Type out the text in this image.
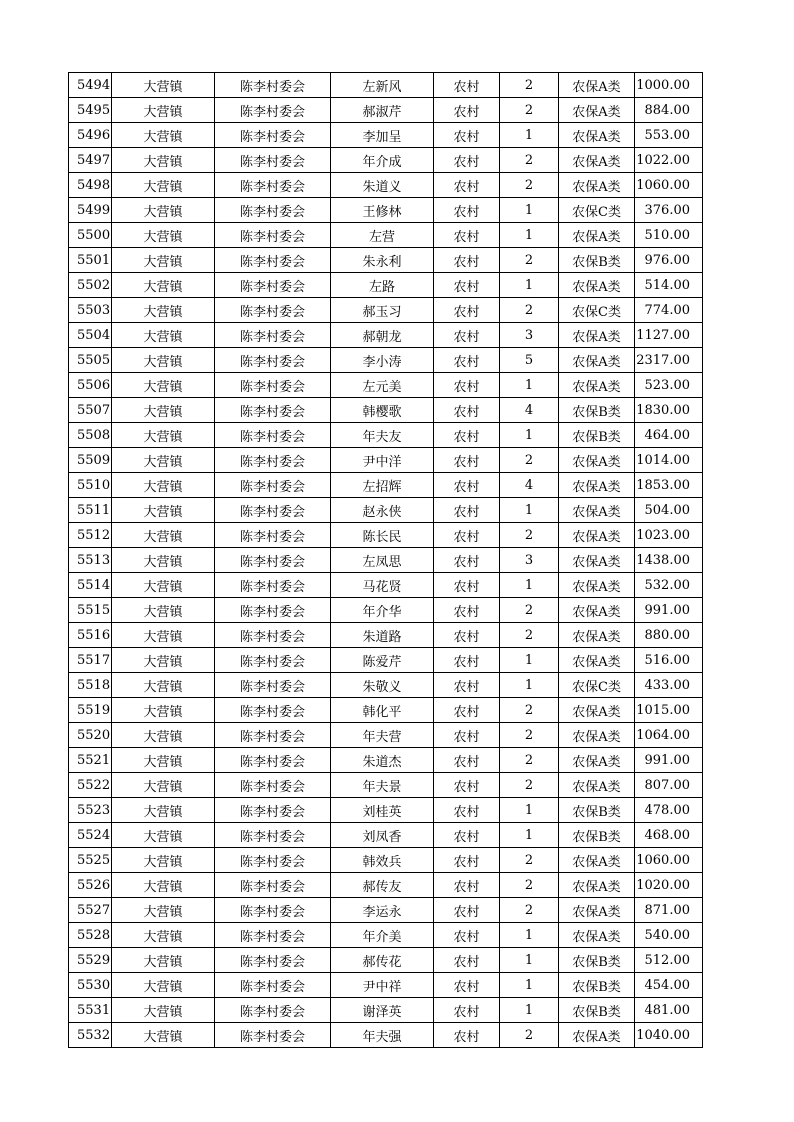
5494	大营镇	陈李村委会	左新风	农村	2	农保A类	1000.00
5495	大营镇	陈李村委会	郝淑芹	农村	2	农保A类	884.00
5496	大营镇	陈李村委会	李加呈	农村	1	农保A类	553.00
5497	大营镇	陈李村委会	年介成	农村	2	农保A类	1022.00
5498	大营镇	陈李村委会	朱道义	农村	2	农保A类	1060.00
5499	大营镇	陈李村委会	王修林	农村	1	农保C类	376.00
5500	大营镇	陈李村委会	左营	农村	1	农保A类	510.00
5501	大营镇	陈李村委会	朱永利	农村	2	农保B类	976.00
5502	大营镇	陈李村委会	左路	农村	1	农保A类	514.00
5503	大营镇	陈李村委会	郝玉习	农村	2	农保C类	774.00
5504	大营镇	陈李村委会	郝朝龙	农村	3	农保A类	1127.00
5505	大营镇	陈李村委会	李小涛	农村	5	农保A类	2317.00
5506	大营镇	陈李村委会	左元美	农村	1	农保A类	523.00
5507	大营镇	陈李村委会	韩樱歌	农村	4	农保B类	1830.00
5508	大营镇	陈李村委会	年夫友	农村	1	农保B类	464.00
5509	大营镇	陈李村委会	尹中洋	农村	2	农保A类	1014.00
5510	大营镇	陈李村委会	左招辉	农村	4	农保A类	1853.00
5511	大营镇	陈李村委会	赵永侠	农村	1	农保A类	504.00
5512	大营镇	陈李村委会	陈长民	农村	2	农保A类	1023.00
5513	大营镇	陈李村委会	左凤思	农村	3	农保A类	1438.00
5514	大营镇	陈李村委会	马花贤	农村	1	农保A类	532.00
5515	大营镇	陈李村委会	年介华	农村	2	农保A类	991.00
5516	大营镇	陈李村委会	朱道路	农村	2	农保A类	880.00
5517	大营镇	陈李村委会	陈爱芹	农村	1	农保A类	516.00
5518	大营镇	陈李村委会	朱敬义	农村	1	农保C类	433.00
5519	大营镇	陈李村委会	韩化平	农村	2	农保A类	1015.00
5520	大营镇	陈李村委会	年夫营	农村	2	农保A类	1064.00
5521	大营镇	陈李村委会	朱道杰	农村	2	农保A类	991.00
5522	大营镇	陈李村委会	年夫景	农村	2	农保A类	807.00
5523	大营镇	陈李村委会	刘桂英	农村	1	农保B类	478.00
5524	大营镇	陈李村委会	刘凤香	农村	1	农保B类	468.00
5525	大营镇	陈李村委会	韩效兵	农村	2	农保A类	1060.00
5526	大营镇	陈李村委会	郝传友	农村	2	农保A类	1020.00
5527	大营镇	陈李村委会	李运永	农村	2	农保A类	871.00
5528	大营镇	陈李村委会	年介美	农村	1	农保A类	540.00
5529	大营镇	陈李村委会	郝传花	农村	1	农保B类	512.00
5530	大营镇	陈李村委会	尹中祥	农村	1	农保B类	454.00
5531	大营镇	陈李村委会	谢泽英	农村	1	农保B类	481.00
5532	大营镇	陈李村委会	年夫强	农村	2	农保A类	1040.00
